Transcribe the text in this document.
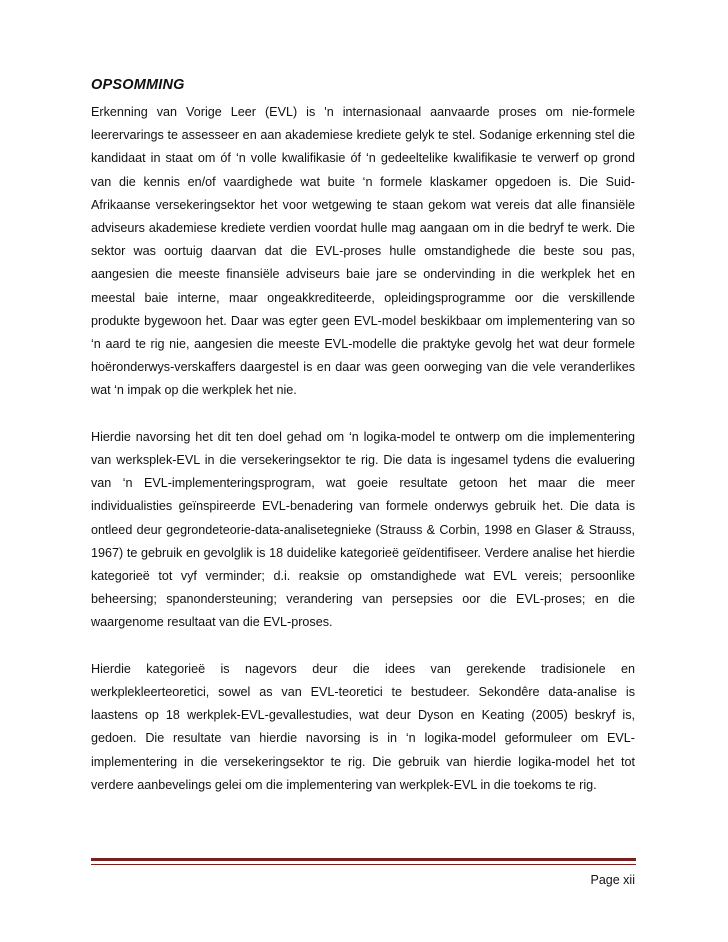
OPSOMMING

Erkenning van Vorige Leer (EVL) is 'n internasionaal aanvaarde proses om nie-formele leerervarings te assesseer en aan akademiese krediete gelyk te stel. Sodanige erkenning stel die kandidaat in staat om óf ‘n volle kwalifikasie óf ‘n gedeeltelike kwalifikasie te verwerf op grond van die kennis en/of vaardighede wat buite ‘n formele klaskamer opgedoen is. Die Suid-Afrikaanse versekeringsektor het voor wetgewing te staan gekom wat vereis dat alle finansiële adviseurs akademiese krediete verdien voordat hulle mag aangaan om in die bedryf te werk. Die sektor was oortuig daarvan dat die EVL-proses hulle omstandighede die beste sou pas, aangesien die meeste finansiële adviseurs baie jare se ondervinding in die werkplek het en meestal baie interne, maar ongeakkrediteerde, opleidingsprogramme oor die verskillende produkte bygewoon het. Daar was egter geen EVL-model beskikbaar om implementering van so ‘n aard te rig nie, aangesien die meeste EVL-modelle die praktyke gevolg het wat deur formele hoëronderwys-verskaffers daargestel is en daar was geen oorweging van die vele veranderlikes wat ‘n impak op die werkplek het nie.

Hierdie navorsing het dit ten doel gehad om ‘n logika-model te ontwerp om die implementering van werksplek-EVL in die versekeringsektor te rig. Die data is ingesamel tydens die evaluering van ‘n EVL-implementeringsprogram, wat goeie resultate getoon het maar die meer individualisties geïnspireerde EVL-benadering van formele onderwys gebruik het. Die data is ontleed deur gegrondeteorie-data-analisetegnieke (Strauss & Corbin, 1998 en Glaser & Strauss, 1967) te gebruik en gevolglik is 18 duidelike kategorieë geïdentifiseer. Verdere analise het hierdie kategorieë tot vyf verminder; d.i. reaksie op omstandighede wat EVL vereis; persoonlike beheersing; spanondersteuning; verandering van persepsies oor die EVL-proses; en die waargenome resultaat van die EVL-proses.

Hierdie kategorieë is nagevors deur die idees van gerekende tradisionele en werkplekleerteoretici, sowel as van EVL-teoretici te bestudeer. Sekondêre data-analise is laastens op 18 werkplek-EVL-gevallestudies, wat deur Dyson en Keating (2005) beskryf is, gedoen. Die resultate van hierdie navorsing is in ‘n logika-model geformuleer om EVL-implementering in die versekeringsektor te rig. Die gebruik van hierdie logika-model het tot verdere aanbevelings gelei om die implementering van werkplek-EVL in die toekoms te rig.

Page xii
